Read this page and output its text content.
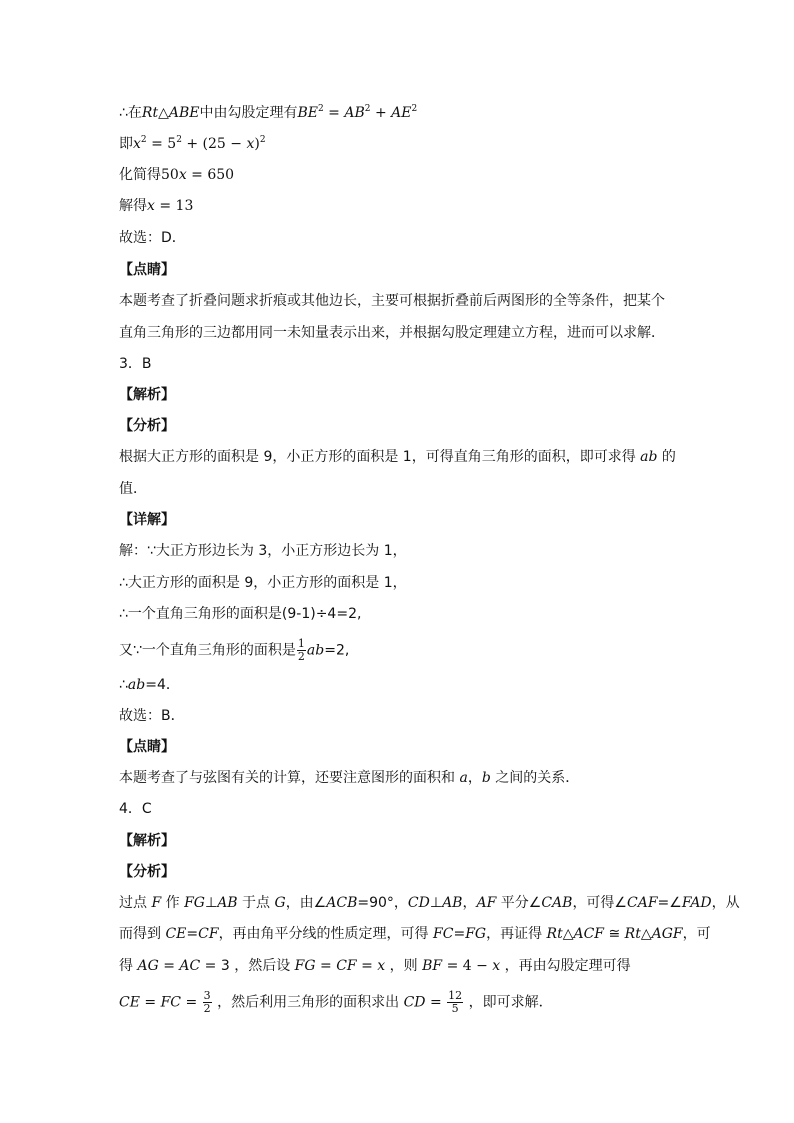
∴在Rt△ABE中由勾股定理有$BE^2 = AB^2 + AE^2$
即$x^2 = 5^2 + (25 - x)^2$
化简得50x = 650
解得x = 13
故选：D．
【点睛】
本题考查了折叠问题求折痕或其他边长，主要可根据折叠前后两图形的全等条件，把某个
直角三角形的三边都用同一未知量表示出来，并根据勾股定理建立方程，进而可以求解．
3．B
【解析】
【分析】
根据大正方形的面积是 9，小正方形的面积是 1，可得直角三角形的面积，即可求得 ab 的
值．
【详解】
解：∵大正方形边长为 3，小正方形边长为 1，
∴大正方形的面积是 9，小正方形的面积是 1，
∴一个直角三角形的面积是(9-1)÷4=2,
又∵一个直角三角形的面积是 $\frac{1}{2} ab=2$,
∴ab=4．
故选：B．
【点睛】
本题考查了与弦图有关的计算，还要注意图形的面积和 a，b 之间的关系．
4．C
【解析】
【分析】
过点 F 作 FG⊥AB 于点 G，由∠ACB=90°，CD⊥AB，AF 平分∠CAB，可得∠CAF=∠FAD，从
而得到 CE=CF，再由角平分线的性质定理，可得 FC=FG，再证得 Rt△ACF ≅ Rt△AGF，可
得 AG = AC = 3 ，然后设 FG = CF = x ，则 BF = 4 − x ，再由勾股定理可得
CE = FC = $\frac{3}{2}$ ，然后利用三角形的面积求出 CD = $\frac{12}{5}$ ，即可求解．
